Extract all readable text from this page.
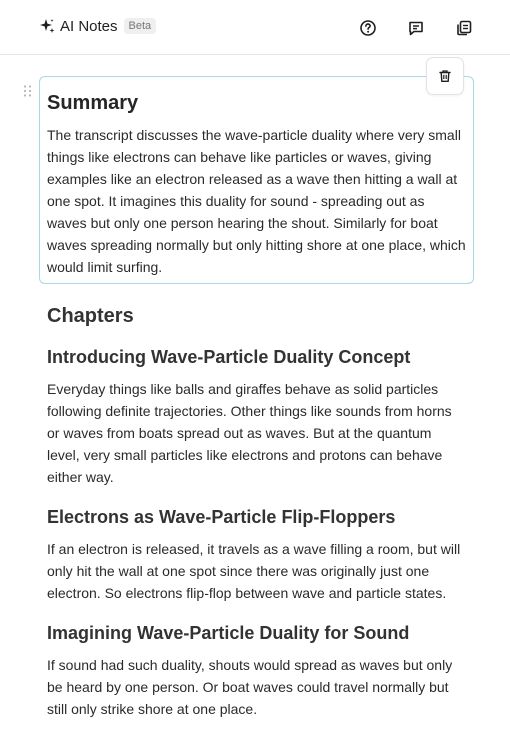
AI Notes	Beta
Summary

The transcript discusses the wave-particle duality where very small things like electrons can behave like particles or waves, giving examples like an electron released as a wave then hitting a wall at one spot. It imagines this duality for sound - spreading out as waves but only one person hearing the shout. Similarly for boat waves spreading normally but only hitting shore at one place, which would limit surfing.

Chapters
Introducing Wave-Particle Duality Concept

Everyday things like balls and giraffes behave as solid particles following definite trajectories. Other things like sounds from horns or waves from boats spread out as waves. But at the quantum level, very small particles like electrons and protons can behave either way.

Electrons as Wave-Particle Flip-Floppers

If an electron is released, it travels as a wave filling a room, but will only hit the wall at one spot since there was originally just one electron. So electrons flip-flop between wave and particle states.

Imagining Wave-Particle Duality for Sound

If sound had such duality, shouts would spread as waves but only be heard by one person. Or boat waves could travel normally but still only strike shore at one place.
